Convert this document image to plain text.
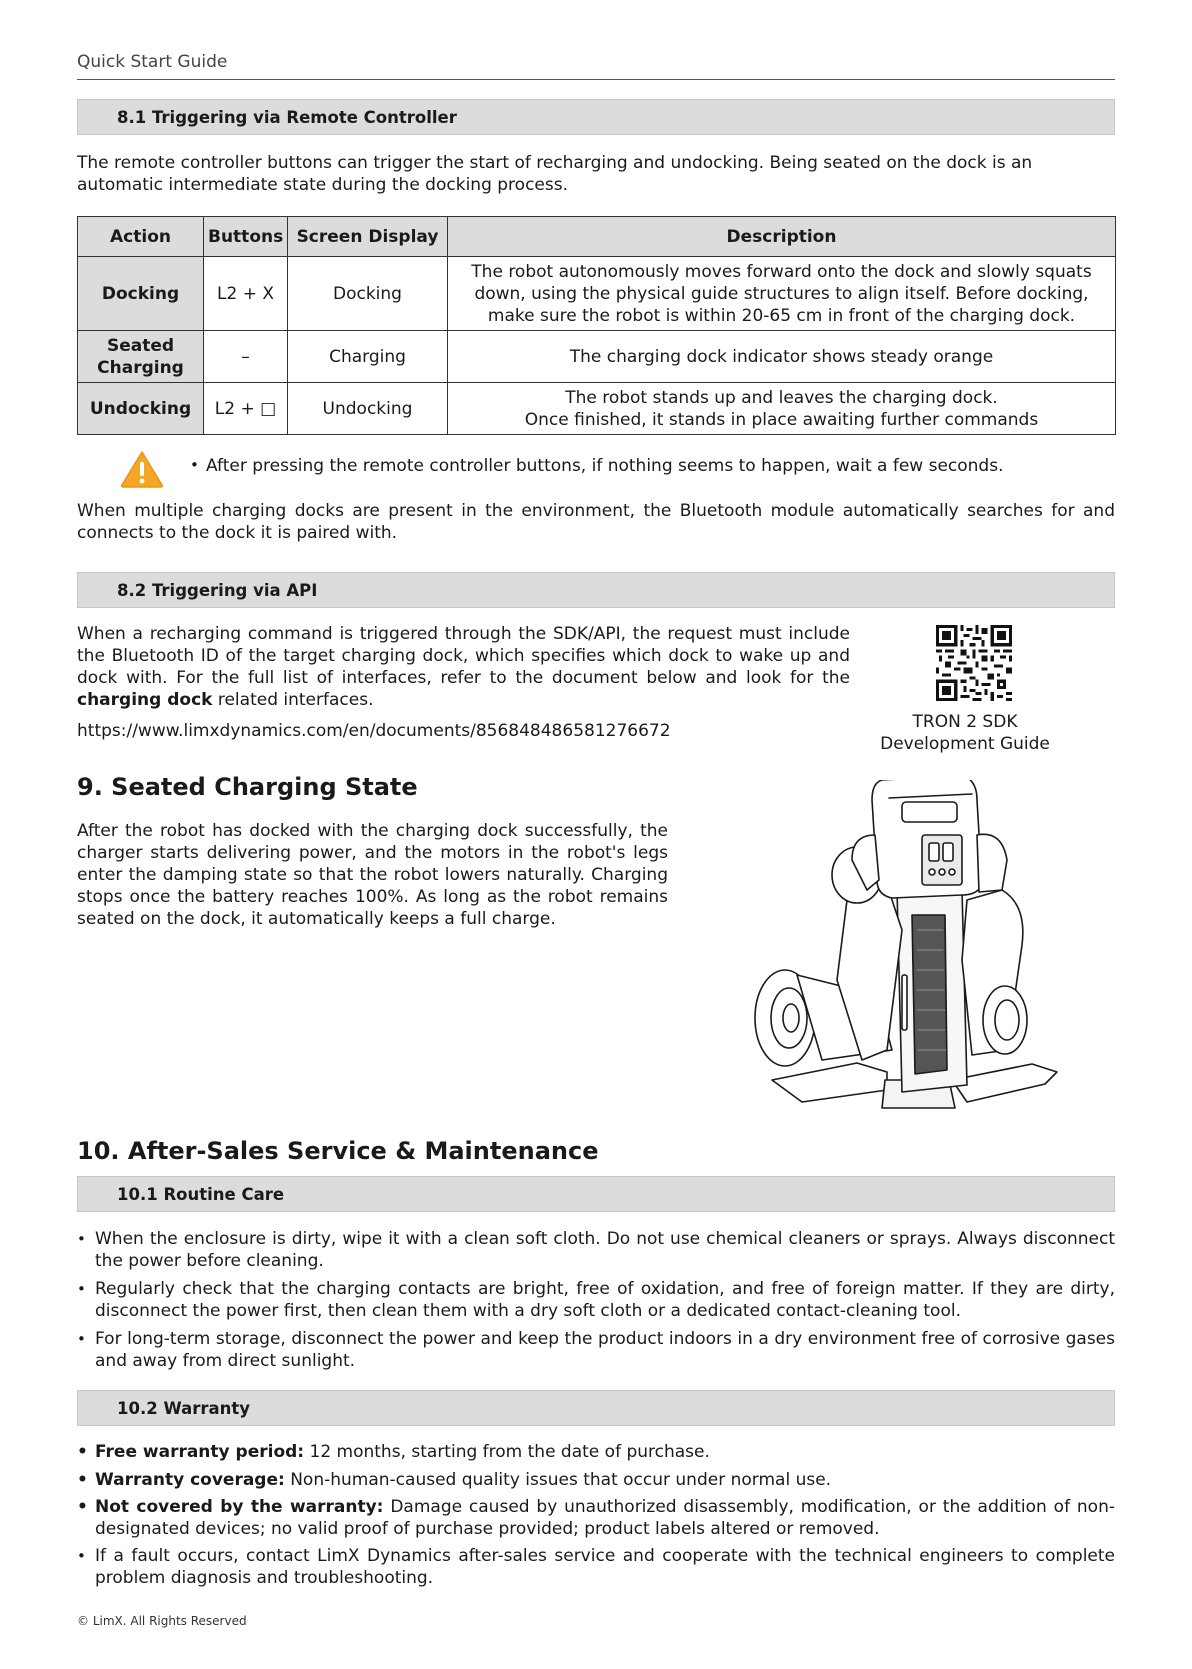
Quick Start Guide
8.1 Triggering via Remote Controller
The remote controller buttons can trigger the start of recharging and undocking. Being seated on the dock is an automatic intermediate state during the docking process.
Action	Buttons	Screen Display	Description
Docking	L2 + X	Docking	The robot autonomously moves forward onto the dock and slowly squats
down, using the physical guide structures to align itself. Before docking,
make sure the robot is within 20-65 cm in front of the charging dock.

Seated
Charging	–	Charging	The charging dock indicator shows steady orange
Undocking	L2 + □	Undocking	The robot stands up and leaves the charging dock.
Once finished, it stands in place awaiting further commands
• After pressing the remote controller buttons, if nothing seems to happen, wait a few seconds.
When multiple charging docks are present in the environment, the Bluetooth module automatically searches for and connects to the dock it is paired with.
8.2 Triggering via API
When a recharging command is triggered through the SDK/API, the request must include the Bluetooth ID of the target charging dock, which specifies which dock to wake up and dock with. For the full list of interfaces, refer to the document below and look for the charging dock related interfaces.
https://www.limxdynamics.com/en/documents/856848486581276672	TRON 2 SDK
Development Guide
9. Seated Charging State
After the robot has docked with the charging dock successfully, the charger starts delivering power, and the motors in the robot's legs enter the damping state so that the robot lowers naturally. Charging stops once the battery reaches 100%. As long as the robot remains seated on the dock, it automatically keeps a full charge.
10. After-Sales Service & Maintenance
10.1 Routine Care
• When the enclosure is dirty, wipe it with a clean soft cloth. Do not use chemical cleaners or sprays. Always disconnect the power before cleaning.
• Regularly check that the charging contacts are bright, free of oxidation, and free of foreign matter. If they are dirty, disconnect the power first, then clean them with a dry soft cloth or a dedicated contact-cleaning tool.
• For long-term storage, disconnect the power and keep the product indoors in a dry environment free of corrosive gases and away from direct sunlight.
10.2 Warranty
• Free warranty period: 12 months, starting from the date of purchase.
• Warranty coverage: Non-human-caused quality issues that occur under normal use.
• Not covered by the warranty: Damage caused by unauthorized disassembly, modification, or the addition of non-designated devices; no valid proof of purchase provided; product labels altered or removed.
• If a fault occurs, contact LimX Dynamics after-sales service and cooperate with the technical engineers to complete problem diagnosis and troubleshooting.
© LimX. All Rights Reserved
